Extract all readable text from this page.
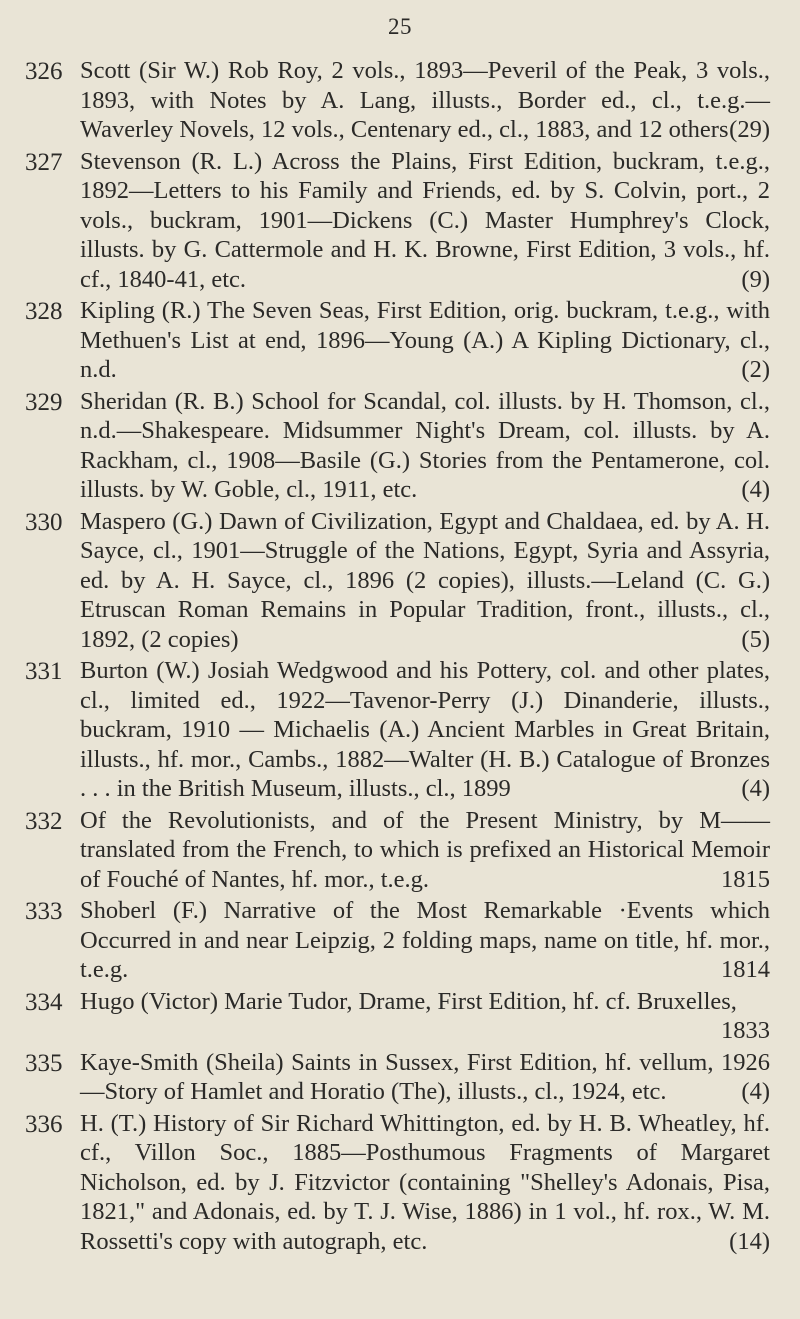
25
326 Scott (Sir W.) Rob Roy, 2 vols., 1893—Peveril of the Peak, 3 vols., 1893, with Notes by A. Lang, illusts., Border ed., cl., t.e.g.—Waverley Novels, 12 vols., Centenary ed., cl., 1883, and 12 others (29)
327 Stevenson (R. L.) Across the Plains, First Edition, buckram, t.e.g., 1892—Letters to his Family and Friends, ed. by S. Colvin, port., 2 vols., buckram, 1901—Dickens (C.) Master Humphrey's Clock, illusts. by G. Cattermole and H. K. Browne, First Edition, 3 vols., hf. cf., 1840-41, etc.	(9)
328 Kipling (R.) The Seven Seas, First Edition, orig. buckram, t.e.g., with Methuen's List at end, 1896—Young (A.) A Kipling Dictionary, cl., n.d.	(2)
329 Sheridan (R. B.) School for Scandal, col. illusts. by H. Thomson, cl., n.d.—Shakespeare. Midsummer Night's Dream, col. illusts. by A. Rackham, cl., 1908—Basile (G.) Stories from the Pentamerone, col. illusts. by W. Goble, cl., 1911, etc.	(4)
330 Maspero (G.) Dawn of Civilization, Egypt and Chaldaea, ed. by A. H. Sayce, cl., 1901—Struggle of the Nations, Egypt, Syria and Assyria, ed. by A. H. Sayce, cl., 1896 (2 copies), illusts.—Leland (C. G.) Etruscan Roman Remains in Popular Tradition, front., illusts., cl., 1892, (2 copies)	(5)
331 Burton (W.) Josiah Wedgwood and his Pottery, col. and other plates, cl., limited ed., 1922—Tavenor-Perry (J.) Dinanderie, illusts., buckram, 1910 — Michaelis (A.) Ancient Marbles in Great Britain, illusts., hf. mor., Cambs., 1882—Walter (H. B.) Catalogue of Bronzes . . . in the British Museum, illusts., cl., 1899	(4)
332 Of the Revolutionists, and of the Present Ministry, by M—— translated from the French, to which is prefixed an Historical Memoir of Fouché of Nantes, hf. mor., t.e.g.	1815
333 Shoberl (F.) Narrative of the Most Remarkable ·Events which Occurred in and near Leipzig, 2 folding maps, name on title, hf. mor., t.e.g.	1814
334 Hugo (Victor) Marie Tudor, Drame, First Edition, hf. cf. Bruxelles,
1833
335 Kaye-Smith (Sheila) Saints in Sussex, First Edition, hf. vellum, 1926—Story of Hamlet and Horatio (The), illusts., cl., 1924, etc.	(4)
336 H. (T.) History of Sir Richard Whittington, ed. by H. B. Wheatley, hf. cf., Villon Soc., 1885—Posthumous Fragments of Margaret Nicholson, ed. by J. Fitzvictor (containing "Shelley's Adonais, Pisa, 1821," and Adonais, ed. by T. J. Wise, 1886) in 1 vol., hf. rox., W. M. Rossetti's copy with autograph, etc.	(14)
